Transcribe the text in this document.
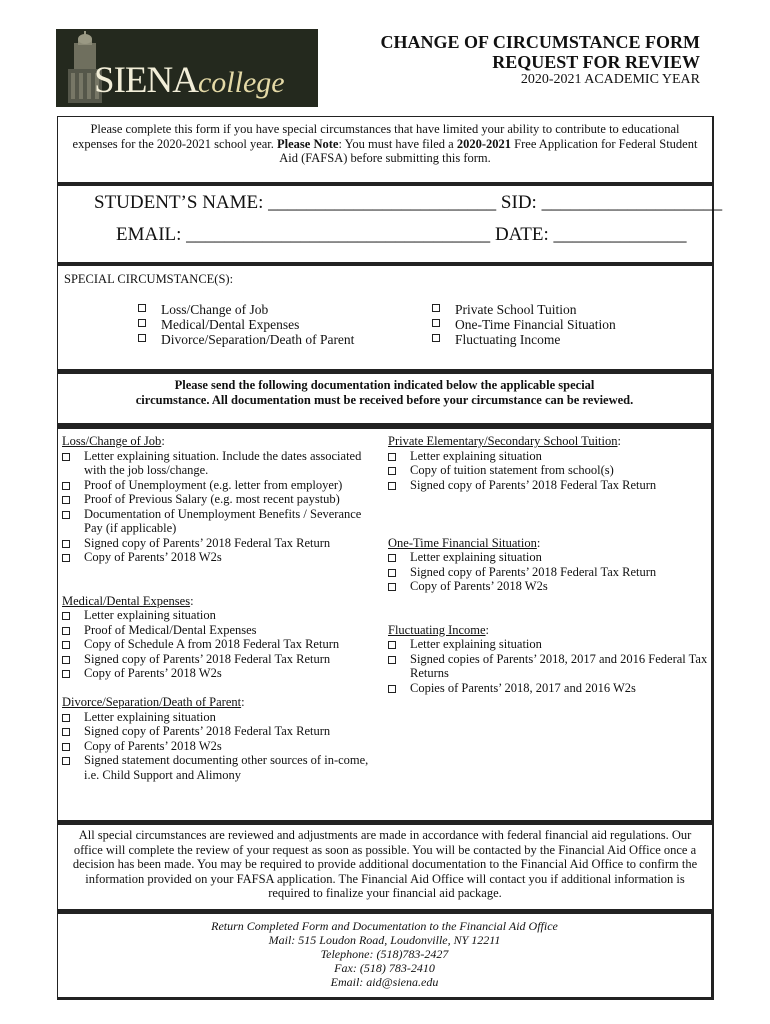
SIENAcollege
CHANGE OF CIRCUMSTANCE FORM
REQUEST FOR REVIEW
2020-2021 ACADEMIC YEAR
Please complete this form if you have special circumstances that have limited your ability to contribute to educational expenses for the 2020-2021 school year. Please Note: You must have filed a 2020-2021 Free Application for Federal Student Aid (FAFSA) before submitting this form.
STUDENT’S NAME: ________________________ SID: ___________________
EMAIL: ________________________________ DATE: ______________
SPECIAL CIRCUMSTANCE(S):
Loss/Change of Job
Medical/Dental Expenses
Divorce/Separation/Death of Parent
Private School Tuition
One-Time Financial Situation
Fluctuating Income
Please send the following documentation indicated below the applicable special
circumstance. All documentation must be received before your circumstance can be reviewed.
Loss/Change of Job:
Letter explaining situation. Include the dates associated with the job loss/change.
Proof of Unemployment (e.g. letter from employer)
Proof of Previous Salary (e.g. most recent paystub)
Documentation of Unemployment Benefits / Severance Pay (if applicable)
Signed copy of Parents’ 2018 Federal Tax Return
Copy of Parents’ 2018 W2s
Medical/Dental Expenses:
Letter explaining situation
Proof of Medical/Dental Expenses
Copy of Schedule A from 2018 Federal Tax Return
Signed copy of Parents’ 2018 Federal Tax Return
Copy of Parents’ 2018 W2s
Divorce/Separation/Death of Parent:
Letter explaining situation
Signed copy of Parents’ 2018 Federal Tax Return
Copy of Parents’ 2018 W2s
Signed statement documenting other sources of in-come, i.e. Child Support and Alimony
Private Elementary/Secondary School Tuition:
Letter explaining situation
Copy of tuition statement from school(s)
Signed copy of Parents’ 2018 Federal Tax Return
One-Time Financial Situation:
Letter explaining situation
Signed copy of Parents’ 2018 Federal Tax Return
Copy of Parents’ 2018 W2s
Fluctuating Income:
Letter explaining situation
Signed copies of Parents’ 2018, 2017 and 2016 Federal Tax Returns
Copies of Parents’ 2018, 2017 and 2016 W2s
All special circumstances are reviewed and adjustments are made in accordance with federal financial aid regulations. Our office will complete the review of your request as soon as possible. You will be contacted by the Financial Aid Office once a decision has been made. You may be required to provide additional documentation to the Financial Aid Office to confirm the information provided on your FAFSA application. The Financial Aid Office will contact you if additional information is required to finalize your financial aid package.
Return Completed Form and Documentation to the Financial Aid Office
Mail: 515 Loudon Road, Loudonville, NY 12211
Telephone: (518)783-2427
Fax: (518) 783-2410
Email: aid@siena.edu
